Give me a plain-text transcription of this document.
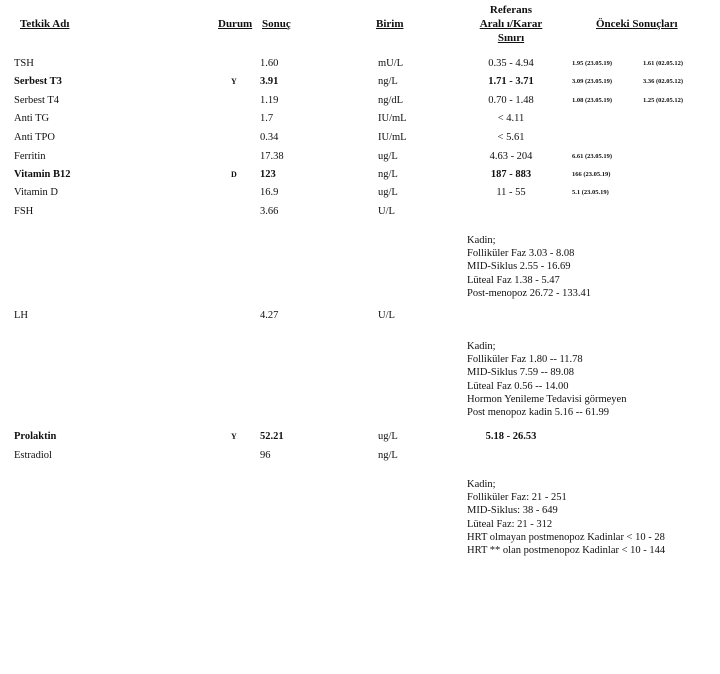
Tetkik Adı	Durum Sonuç	Birim
Referans
Aralı ı/Karar
Sınırı
Önceki Sonuçları
TSH	1.60	mU/L	0.35 - 4.94	1.95 (23.05.19)	1.61 (02.05.12)
Serbest T3	Y 3.91	ng/L	1.71 - 3.71	3.09 (23.05.19)	3.36 (02.05.12)
Serbest T4	1.19	ng/dL	0.70 - 1.48	1.08 (23.05.19)	1.25 (02.05.12)
Anti TG	1.7	IU/mL	< 4.11
Anti TPO	0.34	IU/mL	< 5.61
Ferritin	17.38	ug/L	4.63 - 204	6.61 (23.05.19)
Vitamin B12	D 123	ng/L	187 - 883	166 (23.05.19)
Vitamin D	16.9	ug/L	11 - 55	5.1 (23.05.19)
FSH	3.66	U/L
Kadin;
Folliküler Faz 3.03 - 8.08
MID-Siklus 2.55 - 16.69
Lüteal Faz 1.38 - 5.47
Post-menopoz 26.72 - 133.41
LH	4.27	U/L
Kadin;
Folliküler Faz 1.80 -- 11.78
MID-Siklus 7.59 -- 89.08
Lüteal Faz 0.56 -- 14.00
Hormon Yenileme Tedavisi görmeyen
Post menopoz kadin 5.16 -- 61.99
Prolaktin	Y 52.21	ug/L	5.18 - 26.53
Estradiol	96	ng/L
Kadin;
Folliküler Faz: 21 - 251
MID-Siklus: 38 - 649
Lüteal Faz: 21 - 312
HRT olmayan postmenopoz Kadinlar < 10 - 28
HRT ** olan postmenopoz Kadinlar < 10 - 144
